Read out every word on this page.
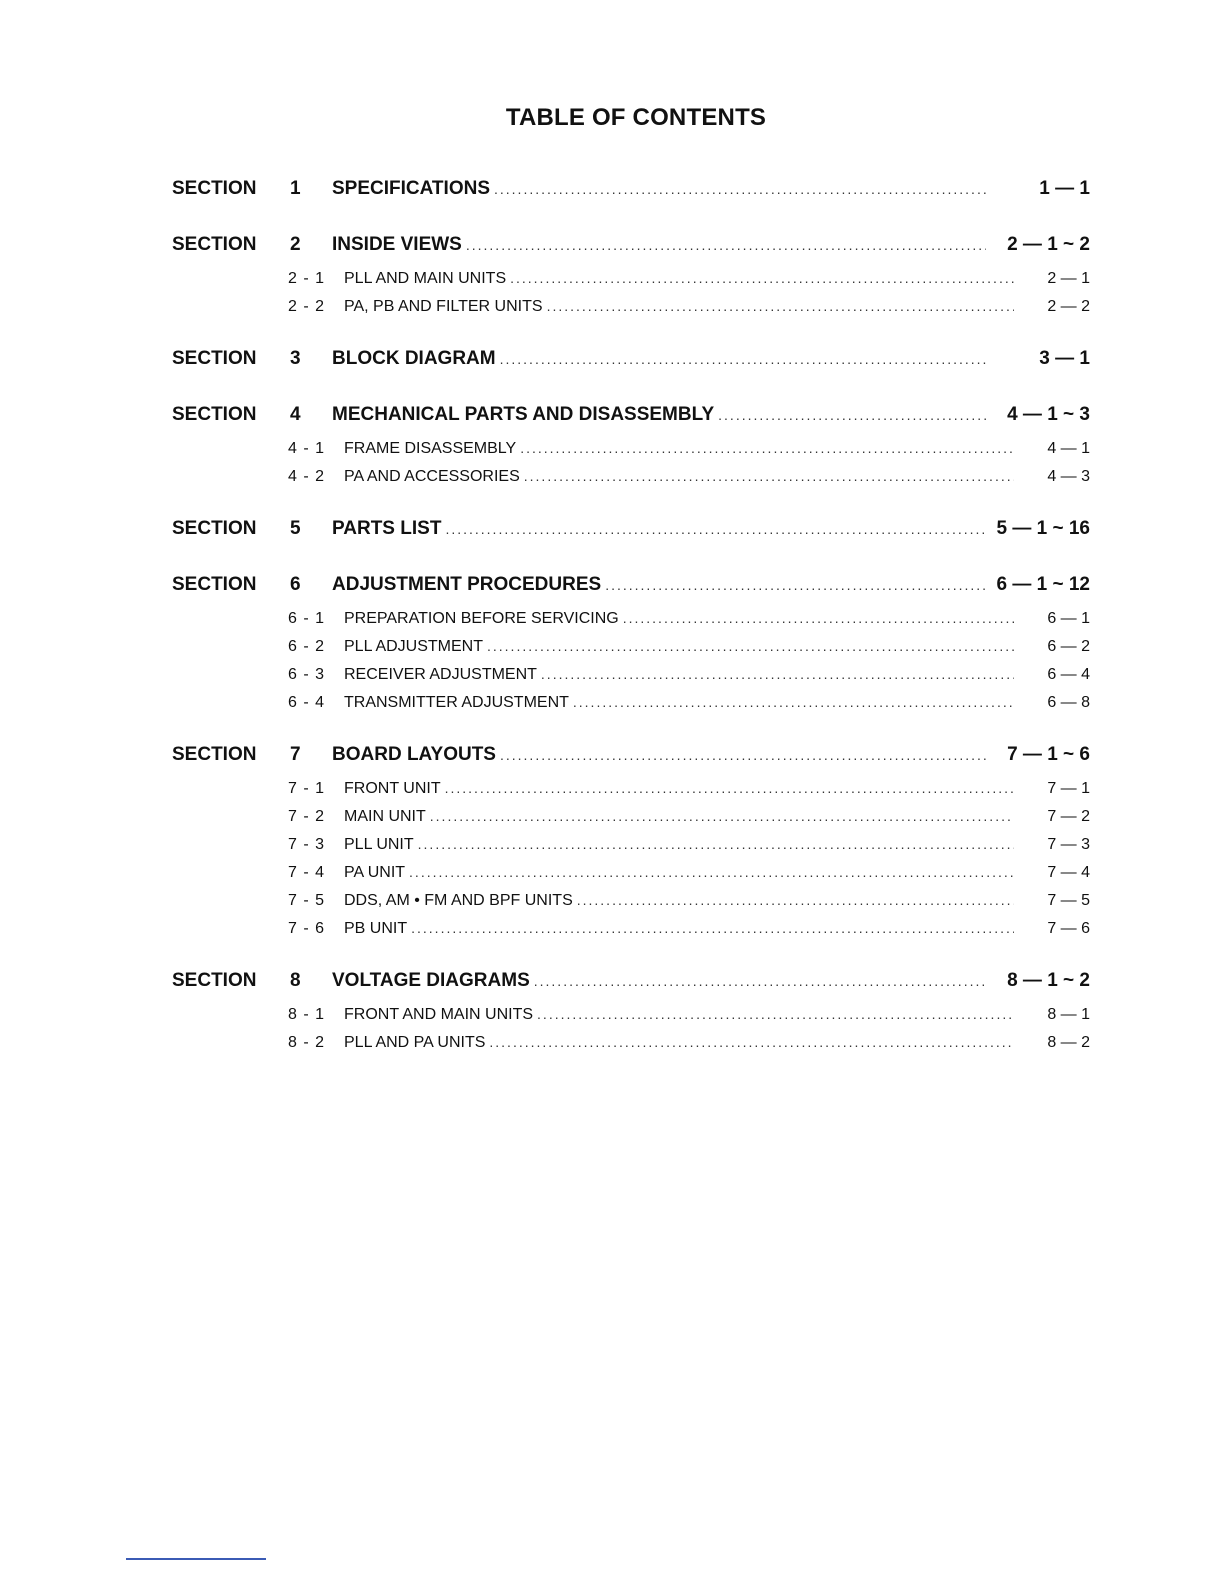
TABLE OF CONTENTS
SECTION	1	SPECIFICATIONS .....	1 — 1
SECTION	2	INSIDE VIEWS .....	2 — 1 ~ 2
2 - 1	PLL AND MAIN UNITS .....	2 — 1
2 - 2	PA, PB AND FILTER UNITS .....	2 — 2
SECTION	3	BLOCK DIAGRAM .....	3 — 1
SECTION	4	MECHANICAL PARTS AND DISASSEMBLY .....	4 — 1 ~ 3
4 - 1	FRAME DISASSEMBLY .....	4 — 1
4 - 2	PA AND ACCESSORIES .....	4 — 3
SECTION	5	PARTS LIST .....	5 — 1 ~ 16
SECTION	6	ADJUSTMENT PROCEDURES .....	6 — 1 ~ 12
6 - 1	PREPARATION BEFORE SERVICING .....	6 — 1
6 - 2	PLL ADJUSTMENT .....	6 — 2
6 - 3	RECEIVER ADJUSTMENT .....	6 — 4
6 - 4	TRANSMITTER ADJUSTMENT .....	6 — 8
SECTION	7	BOARD LAYOUTS .....	7 — 1 ~ 6
7 - 1	FRONT UNIT .....	7 — 1
7 - 2	MAIN UNIT .....	7 — 2
7 - 3	PLL UNIT .....	7 — 3
7 - 4	PA UNIT .....	7 — 4
7 - 5	DDS, AM • FM AND BPF UNITS .....	7 — 5
7 - 6	PB UNIT .....	7 — 6
SECTION	8	VOLTAGE DIAGRAMS .....	8 — 1 ~ 2
8 - 1	FRONT AND MAIN UNITS .....	8 — 1
8 - 2	PLL AND PA UNITS .....	8 — 2
